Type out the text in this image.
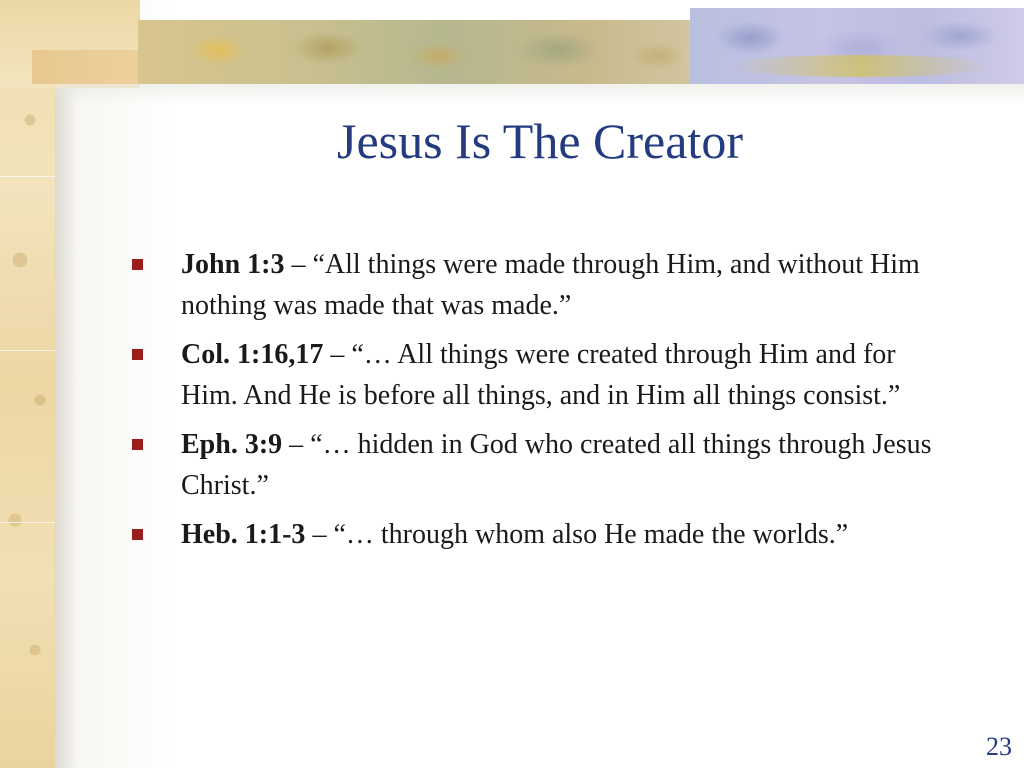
Jesus Is The Creator
John 1:3 – “All things were made through Him, and without Him nothing was made that was made.”
Col. 1:16,17 – “… All things were created through Him and for Him. And He is before all things, and in Him all things consist.”
Eph. 3:9 – “… hidden in God who created all things through Jesus Christ.”
Heb. 1:1-3 – “… through whom also He made the worlds.”
23
